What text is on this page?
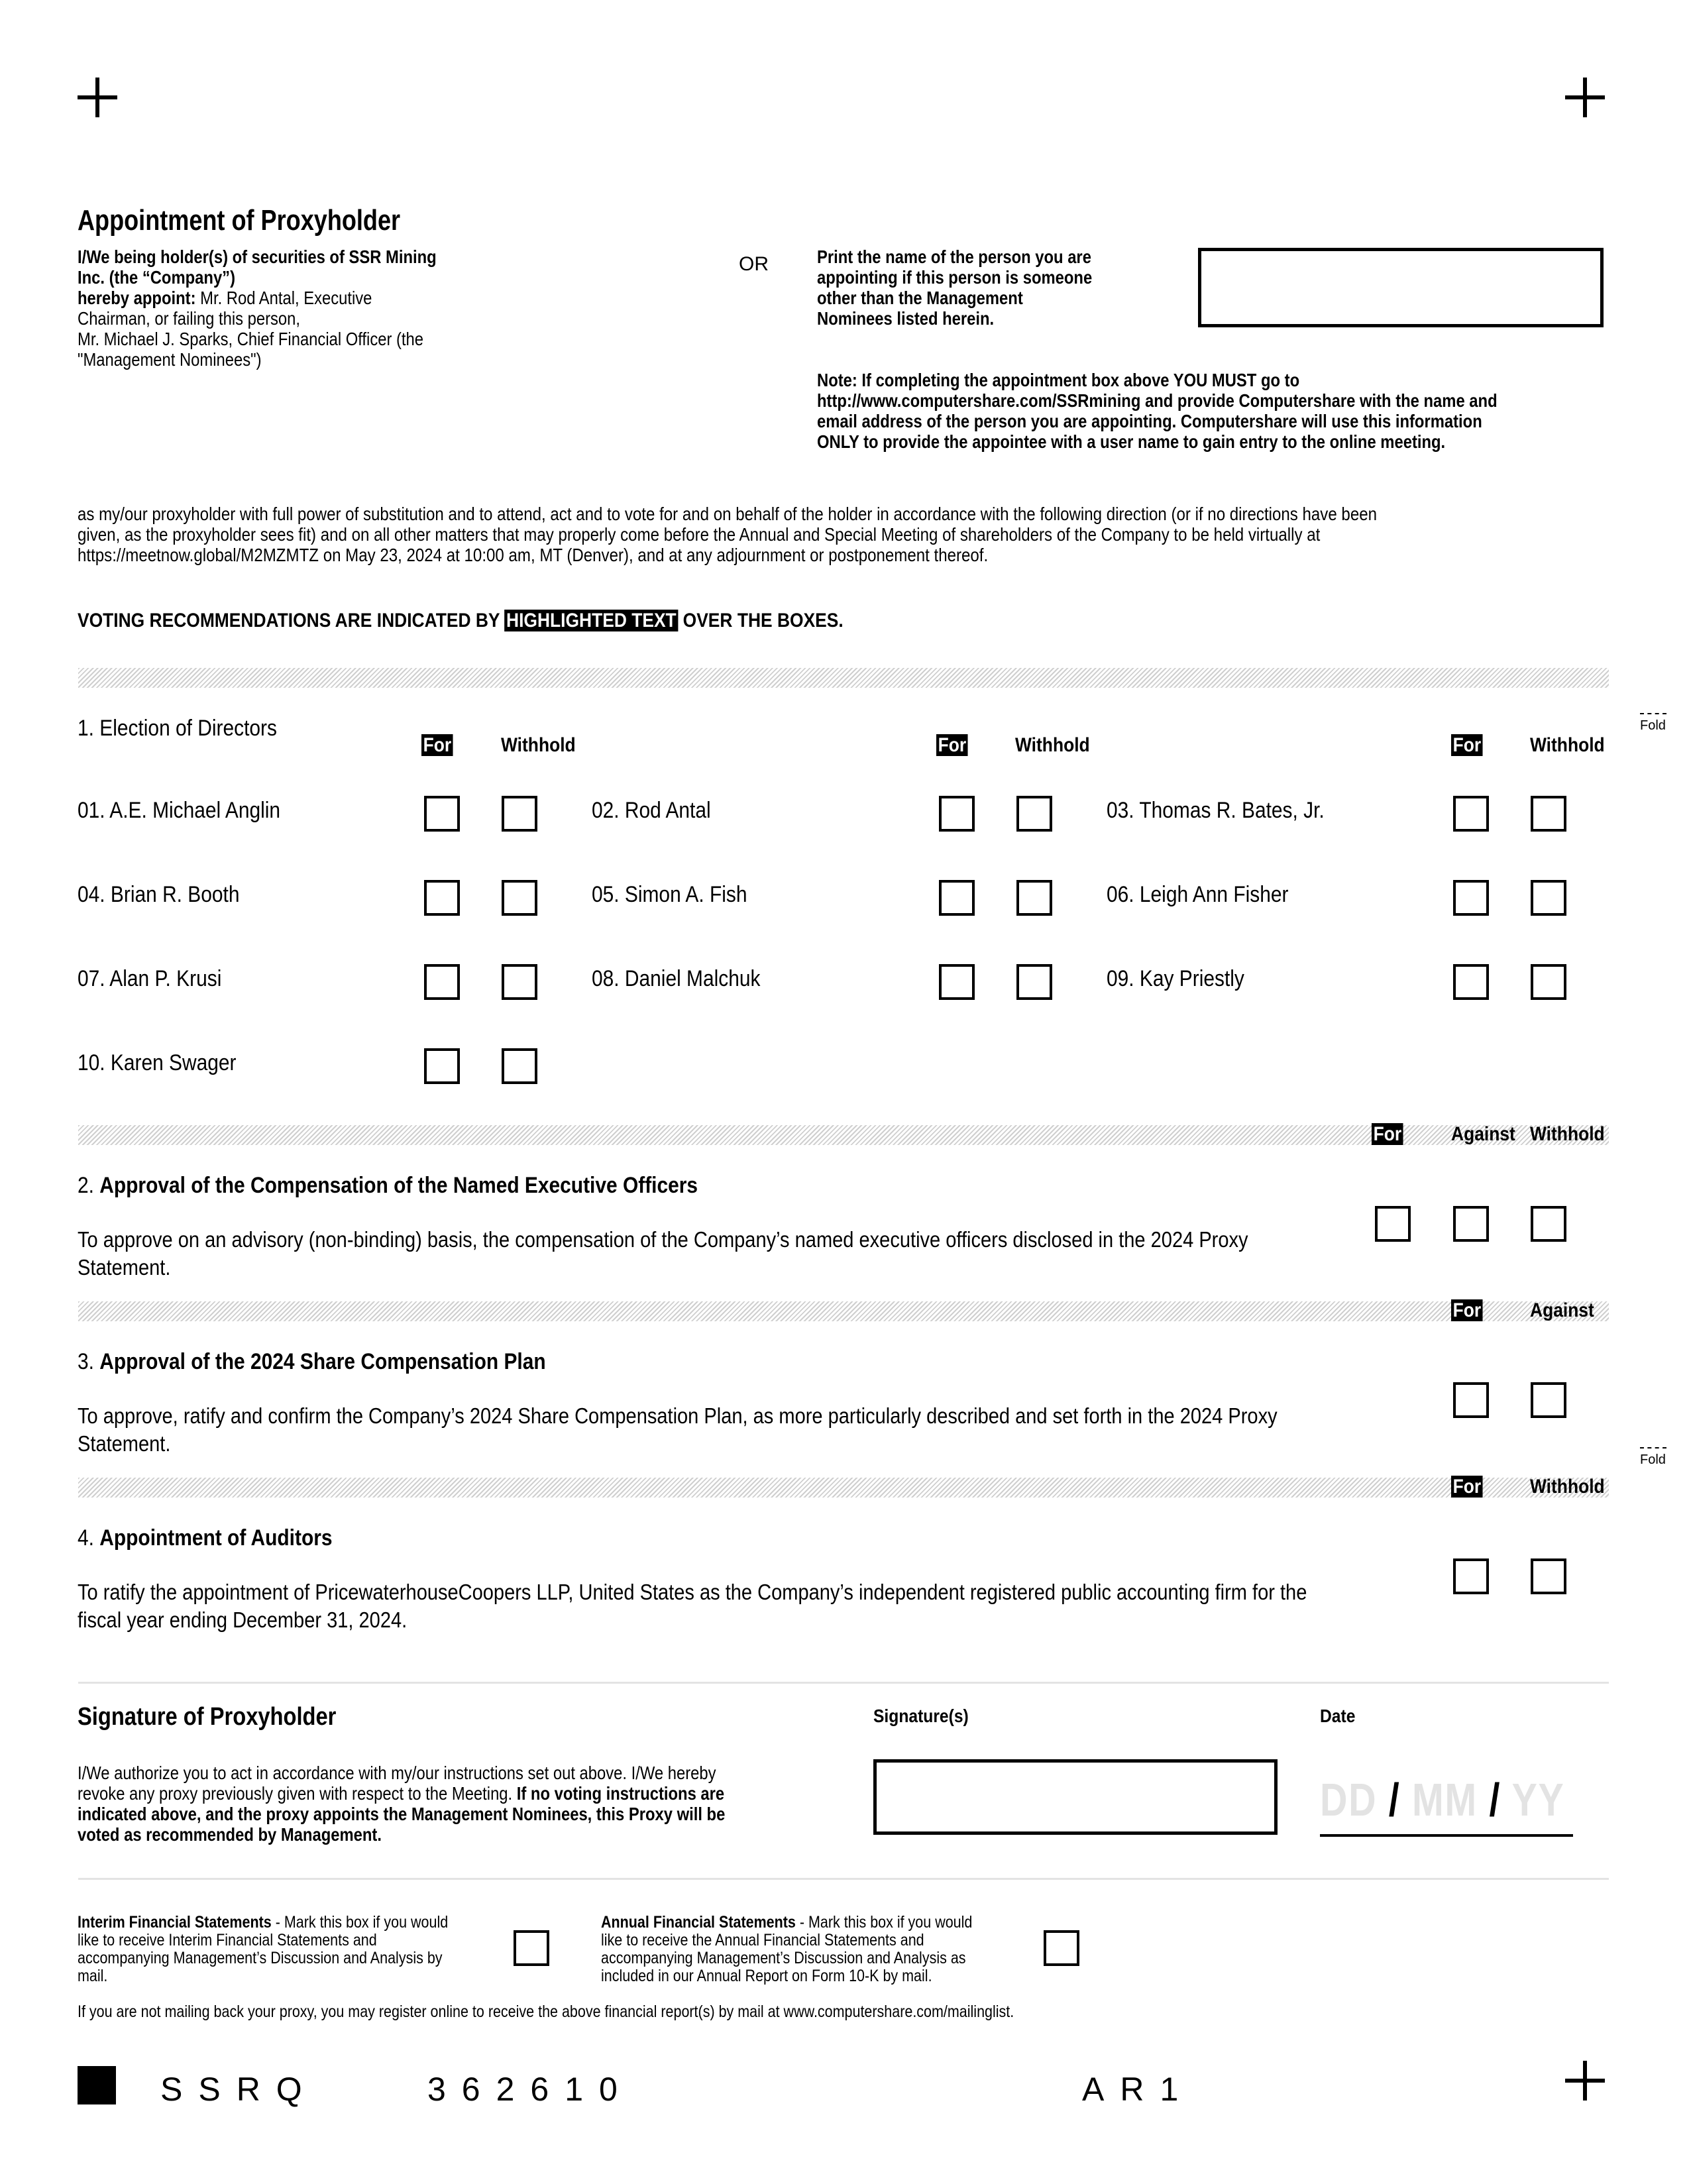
Appointment of Proxyholder
I/We being holder(s) of securities of SSR Mining Inc. (the “Company”)
hereby appoint: Mr. Rod Antal, Executive Chairman, or failing this person,
Mr. Michael J. Sparks, Chief Financial Officer (the "Management Nominees")
OR	Print the name of the person you are
appointing if this person is someone
other than the Management
Nominees listed herein.
Note: If completing the appointment box above YOU MUST go to
http://www.computershare.com/SSRmining and provide Computershare with the name and
email address of the person you are appointing. Computershare will use this information
ONLY to provide the appointee with a user name to gain entry to the online meeting.
as my/our proxyholder with full power of substitution and to attend, act and to vote for and on behalf of the holder in accordance with the following direction (or if no directions have been
given, as the proxyholder sees fit) and on all other matters that may properly come before the Annual and Special Meeting of shareholders of the Company to be held virtually at
https://meetnow.global/M2MZMTZ on May 23, 2024 at 10:00 am, MT (Denver), and at any adjournment or postponement thereof.
VOTING RECOMMENDATIONS ARE INDICATED BY HIGHLIGHTED TEXT OVER THE BOXES.
Fold
Fold
1. Election of Directors
For Withhold	For Withhold	For Withhold
01. A.E. Michael Anglin	02. Rod Antal	03. Thomas R. Bates, Jr.
04. Brian R. Booth	05. Simon A. Fish	06. Leigh Ann Fisher
07. Alan P. Krusi	08. Daniel Malchuk	09. Kay Priestly
10. Karen Swager
For Against Withhold
2. Approval of the Compensation of the Named Executive Officers
To approve on an advisory (non-binding) basis, the compensation of the Company’s named executive officers disclosed in the 2024 Proxy
Statement.
For Against
3. Approval of the 2024 Share Compensation Plan
To approve, ratify and confirm the Company’s 2024 Share Compensation Plan, as more particularly described and set forth in the 2024 Proxy
Statement.
For Withhold
4. Appointment of Auditors
To ratify the appointment of PricewaterhouseCoopers LLP, United States as the Company’s independent registered public accounting firm for the
fiscal year ending December 31, 2024.
Signature of Proxyholder	Signature(s)	Date
I/We authorize you to act in accordance with my/our instructions set out above. I/We hereby
revoke any proxy previously given with respect to the Meeting. If no voting instructions are
indicated above, and the proxy appoints the Management Nominees, this Proxy will be
voted as recommended by Management.
DD / MM / YY
Interim Financial Statements - Mark this box if you would
like to receive Interim Financial Statements and
accompanying Management’s Discussion and Analysis by
mail.
Annual Financial Statements - Mark this box if you would
like to receive the Annual Financial Statements and
accompanying Management’s Discussion and Analysis as
included in our Annual Report on Form 10-K by mail.
If you are not mailing back your proxy, you may register online to receive the above financial report(s) by mail at www.computershare.com/mailinglist.
SSRQ	362610	AR1
